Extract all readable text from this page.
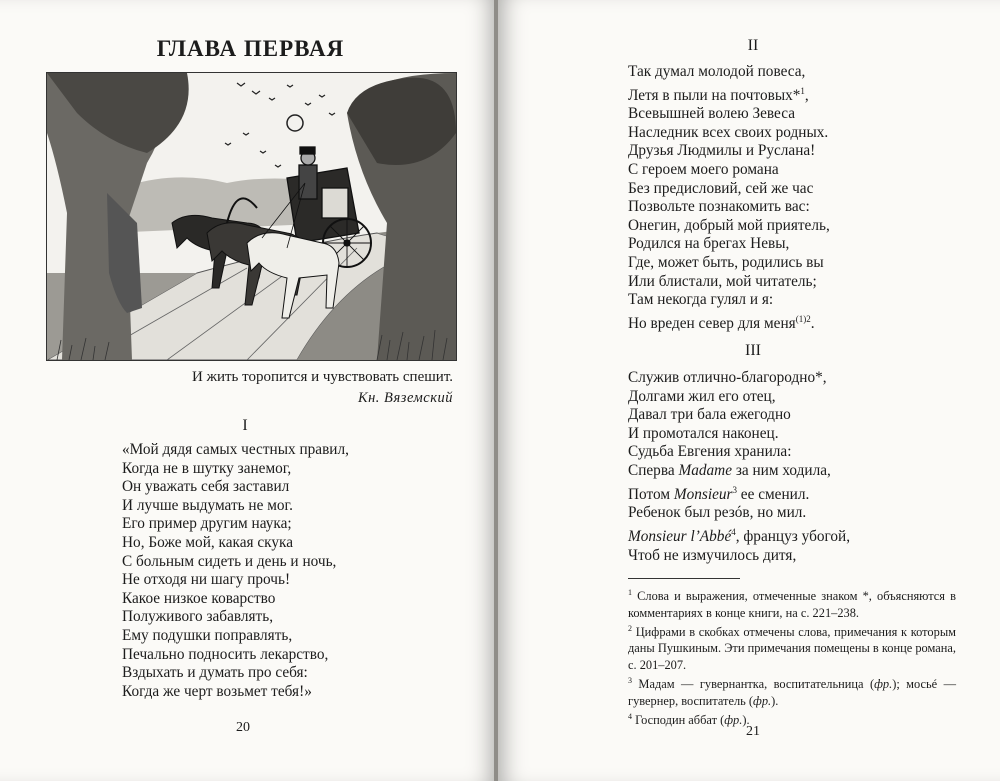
ГЛАВА ПЕРВАЯ
И жить торопится и чувствовать спешит.
Кн. Вяземский
I
«Мой дядя самых честных правил,
Когда не в шутку занемог,
Он уважать себя заставил
И лучше выдумать не мог.
Его пример другим наука;
Но, Боже мой, какая скука
С больным сидеть и день и ночь,
Не отходя ни шагу прочь!
Какое низкое коварство
Полуживого забавлять,
Ему подушки поправлять,
Печально подносить лекарство,
Вздыхать и думать про себя:
Когда же черт возьмет тебя!»
20
II
Так думал молодой повеса,
Летя в пыли на почтовых*$^1$,
Всевышней волею Зевеса
Наследник всех своих родных.
Друзья Людмилы и Руслана!
С героем моего романа
Без предисловий, сей же час
Позвольте познакомить вас:
Онегин, добрый мой приятель,
Родился на брегах Невы,
Где, может быть, родились вы
Или блистали, мой читатель;
Там некогда гулял и я:
Но вреден север для меня$^{(1)2}$.
III
Служив отлично-благородно*,
Долгами жил его отец,
Давал три бала ежегодно
И промотался наконец.
Судьба Евгения хранила:
Сперва Madame за ним ходила,
Потом Monsieur$^3$ ее сменил.
Ребенок был резóв, но мил.
Monsieur l’Abbé$^4$, француз убогой,
Чтоб не измучилось дитя,

$^1$ Слова и выражения, отмеченные знаком *, объясняются в комментариях в конце книги, на с. 221–238.

$^2$ Цифрами в скобках отмечены слова, примечания к которым даны Пушкиным. Эти примечания помещены в конце романа, с. 201–207.

$^3$ Мадам — гувернантка, воспитательница (фр.); мосьé — гувернер, воспитатель (фр.).

$^4$ Господин аббат (фр.).

21
